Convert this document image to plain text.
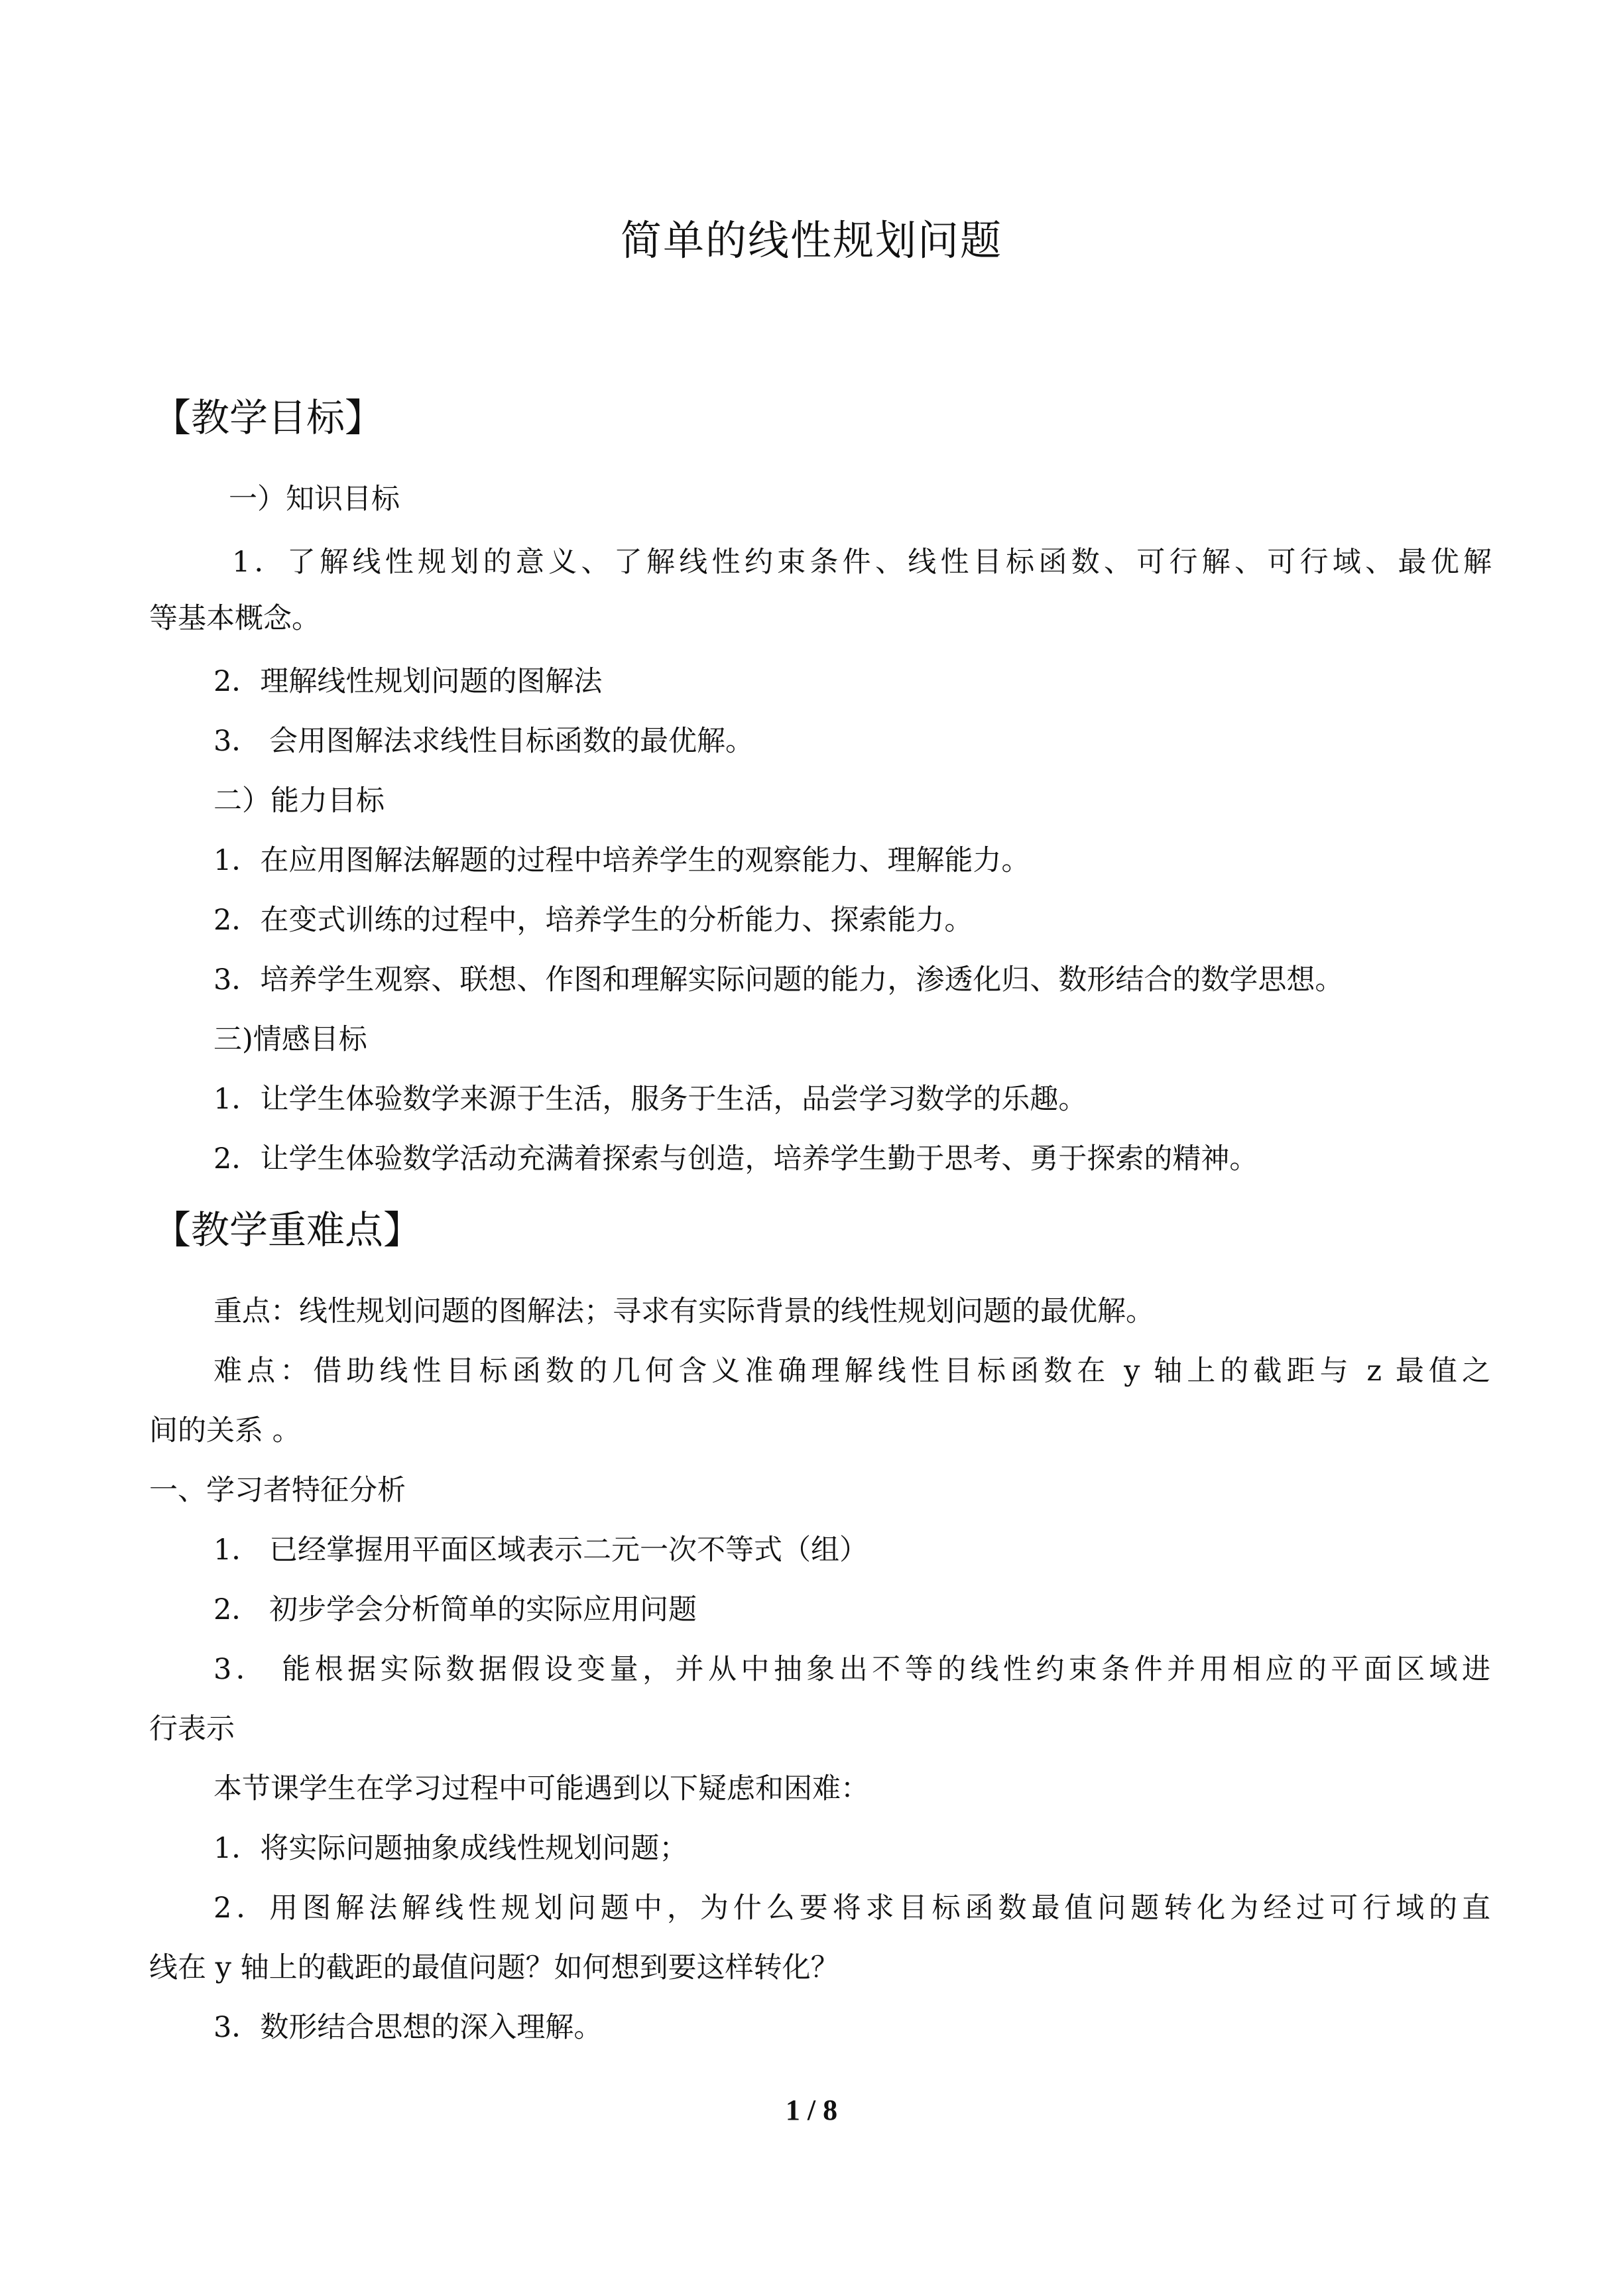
简单的线性规划问题
【教学目标】
一）知识目标
1．了解线性规划的意义、了解线性约束条件、线性目标函数、可行解、可行域、最优解
等基本概念。
2．理解线性规划问题的图解法
3． 会用图解法求线性目标函数的最优解。
二）能力目标
1．在应用图解法解题的过程中培养学生的观察能力、理解能力。
2．在变式训练的过程中，培养学生的分析能力、探索能力。
3．培养学生观察、联想、作图和理解实际问题的能力，渗透化归、数形结合的数学思想。
三)情感目标
1．让学生体验数学来源于生活，服务于生活，品尝学习数学的乐趣。
2．让学生体验数学活动充满着探索与创造，培养学生勤于思考、勇于探索的精神。
【教学重难点】
重点：线性规划问题的图解法；寻求有实际背景的线性规划问题的最优解。
难点：借助线性目标函数的几何含义准确理解线性目标函数在 y 轴上的截距与 z 最值之
间的关系 。
一、学习者特征分析
1． 已经掌握用平面区域表示二元一次不等式（组）
2． 初步学会分析简单的实际应用问题
3． 能根据实际数据假设变量，并从中抽象出不等的线性约束条件并用相应的平面区域进
行表示
本节课学生在学习过程中可能遇到以下疑虑和困难：
1．将实际问题抽象成线性规划问题；
2．用图解法解线性规划问题中，为什么要将求目标函数最值问题转化为经过可行域的直
线在 y 轴上的截距的最值问题？如何想到要这样转化？
3．数形结合思想的深入理解。
1 / 8
